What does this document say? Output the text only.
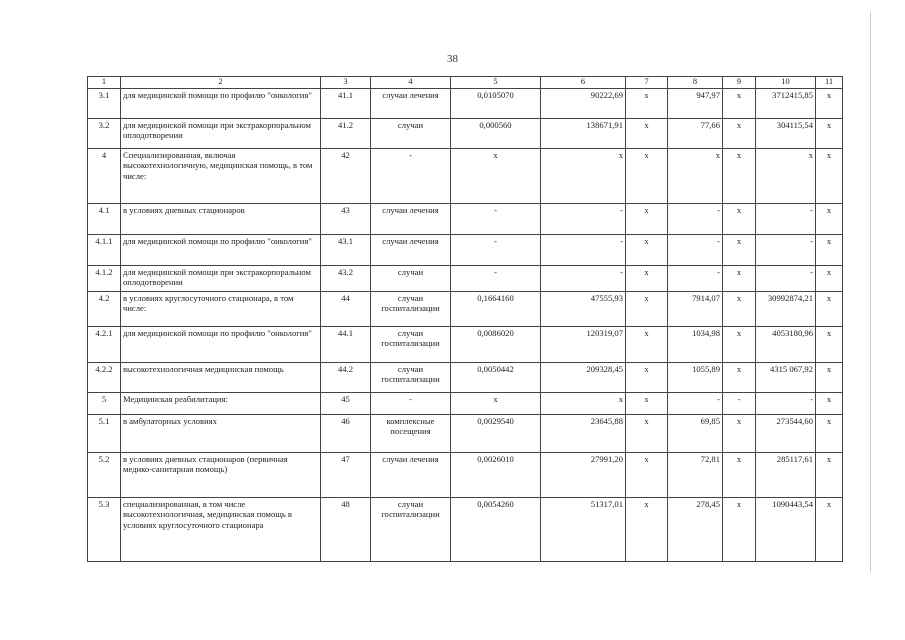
38
1	2	3	4	5	6	7	8	9	10	11
3.1	для медицинской помощи по профилю "онкология"	41.1	случаи лечения	0,0105070	90222,69	x	947,97	x	3712415,85	x
3.2	для медицинской помощи при экстракорпоральном оплодотворении	41.2	случаи	0,000560	138671,91	x	77,66	x	304115,54	x
4	Специализированная, включая высокотехнологичную, медицинская помощь, в том числе:	42	-	x	x	x	x	x	x	x
4.1	в условиях дневных стационаров	43	случаи лечения	-	-	x	-	x	-	x
4.1.1	для медицинской помощи по профилю "онкология"	43.1	случаи лечения	-	-	x	-	x	-	x
4.1.2	для медицинской помощи при экстракорпоральном оплодотворении	43.2	случаи	-	-	x	-	x	-	x
4.2	в условиях круглосуточного стационара, в том числе:	44	случаи госпитализации	0,1664160	47555,93	x	7914,07	x	30992874,21	x
4.2.1	для медицинской помощи по профилю "онкология"	44.1	случаи госпитализации	0,0086020	120319,07	x	1034,98	x	4053180,96	x
4.2.2	высокотехнологичная медицинская помощь	44.2	случаи госпитализации	0,0050442	209328,45	x	1055,89	x	4315 067,92	x
5	Медицинская реабилитация:	45	-	x	x	x	-	-	-	x
5.1	в амбулаторных условиях	46	комплексные посещения	0,0029540	23645,88	x	69,85	x	273544,60	x
5.2	в условиях дневных стационаров (первичная медико-санитарная помощь)	47	случаи лечения	0,0026010	27991,20	x	72,81	x	285117,61	x
5.3	специализированная, в том числе высокотехнологичная, медицинская помощь в условиях круглосуточного стационара	48	случаи госпитализации	0,0054260	51317,01	x	278,45	x	1090443,54	x
